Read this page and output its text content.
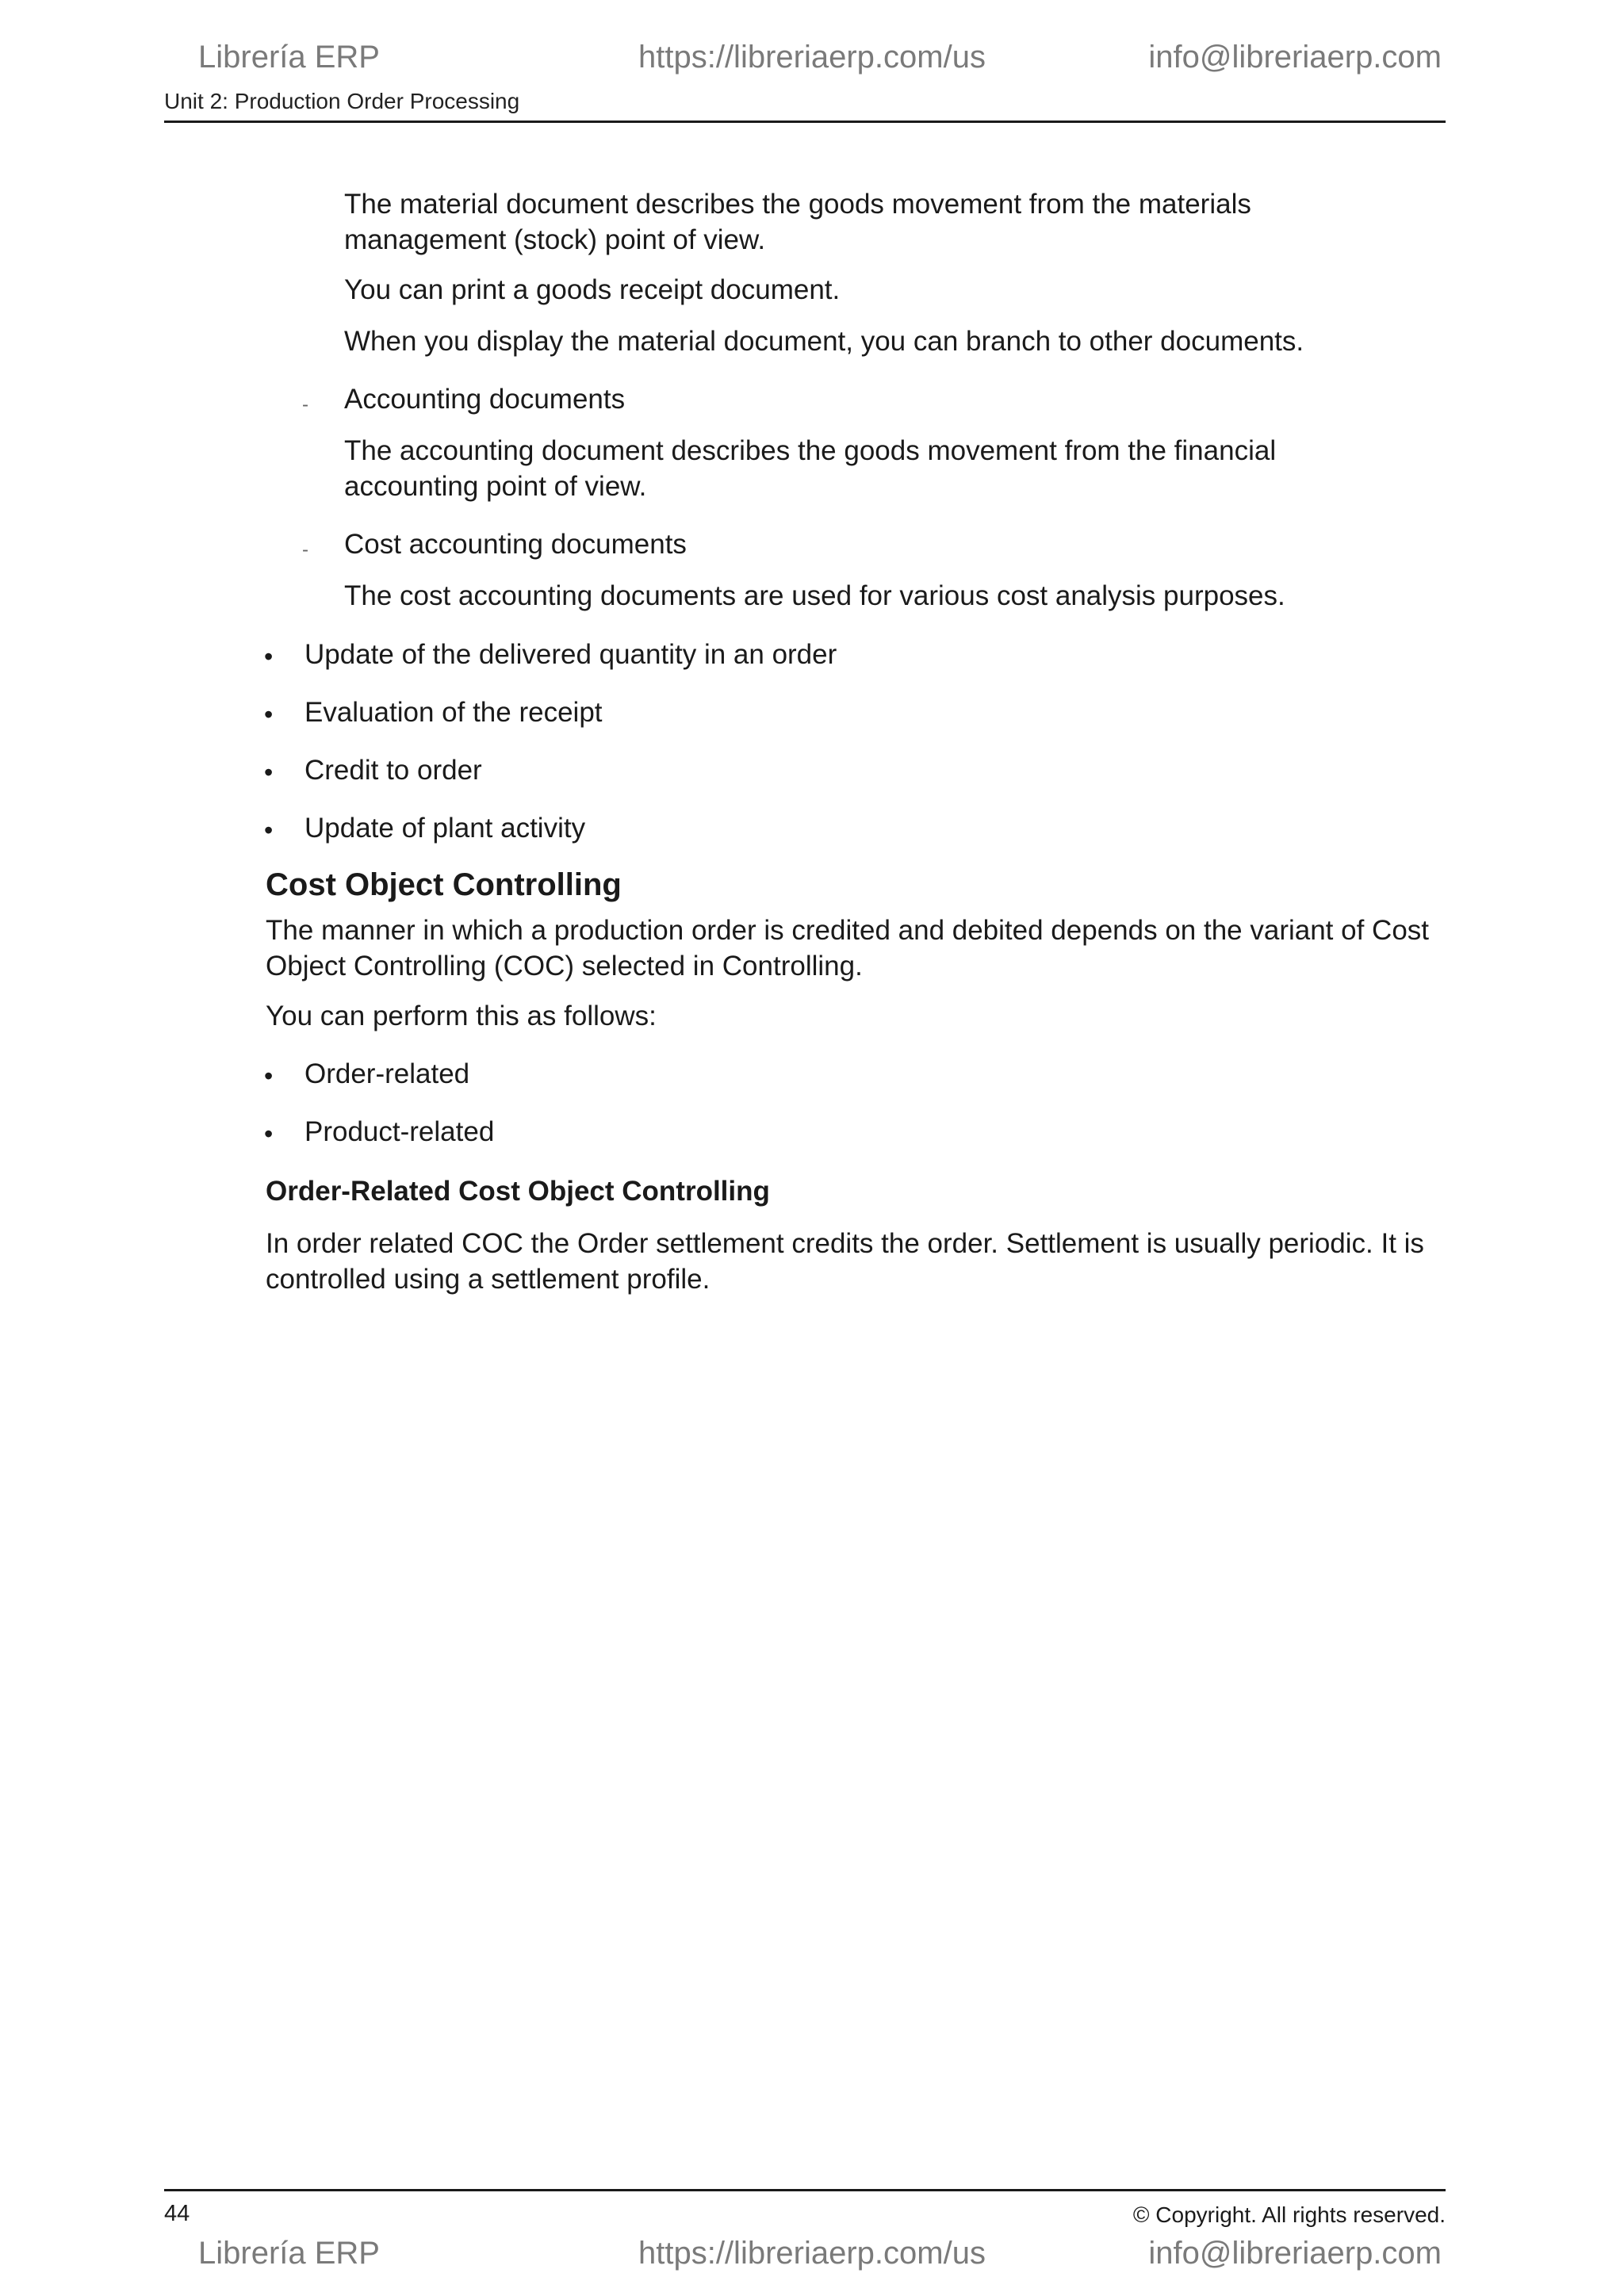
Librería ERP	https://libreriaerp.com/us	info@libreriaerp.com
Unit 2: Production Order Processing

The material document describes the goods movement from the materials management (stock) point of view.

You can print a goods receipt document.

When you display the material document, you can branch to other documents.

- Accounting documents

The accounting document describes the goods movement from the financial accounting point of view.

- Cost accounting documents

The cost accounting documents are used for various cost analysis purposes.

• Update of the delivered quantity in an order
• Evaluation of the receipt
• Credit to order
• Update of plant activity
Cost Object Controlling

The manner in which a production order is credited and debited depends on the variant of Cost Object Controlling (COC) selected in Controlling.

You can perform this as follows:

• Order-related
• Product-related
Order-Related Cost Object Controlling

In order related COC the Order settlement credits the order. Settlement is usually periodic. It is controlled using a settlement profile.

44	© Copyright. All rights reserved.
Librería ERP	https://libreriaerp.com/us	info@libreriaerp.com
